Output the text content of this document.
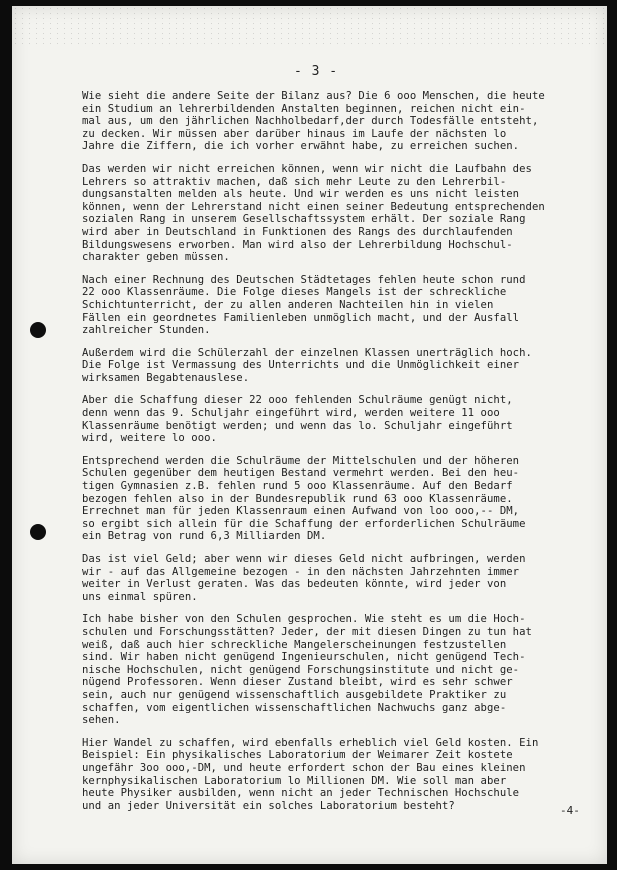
- 3 -

Wie sieht die andere Seite der Bilanz aus? Die 6 ooo Menschen, die heute
ein Studium an lehrerbildenden Anstalten beginnen, reichen nicht ein-
mal aus, um den jährlichen Nachholbedarf,der durch Todesfälle entsteht,
zu decken. Wir müssen aber darüber hinaus im Laufe der nächsten lo
Jahre die Ziffern, die ich vorher erwähnt habe, zu erreichen suchen.

Das werden wir nicht erreichen können, wenn wir nicht die Laufbahn des
Lehrers so attraktiv machen, daß sich mehr Leute zu den Lehrerbil-
dungsanstalten melden als heute. Und wir werden es uns nicht leisten
können, wenn der Lehrerstand nicht einen seiner Bedeutung entsprechenden
sozialen Rang in unserem Gesellschaftssystem erhält. Der soziale Rang
wird aber in Deutschland in Funktionen des Rangs des durchlaufenden
Bildungswesens erworben. Man wird also der Lehrerbildung Hochschul-
charakter geben müssen.

Nach einer Rechnung des Deutschen Städtetages fehlen heute schon rund
22 ooo Klassenräume. Die Folge dieses Mangels ist der schreckliche
Schichtunterricht, der zu allen anderen Nachteilen hin in vielen
Fällen ein geordnetes Familienleben unmöglich macht, und der Ausfall
zahlreicher Stunden.

Außerdem wird die Schülerzahl der einzelnen Klassen unerträglich hoch.
Die Folge ist Vermassung des Unterrichts und die Unmöglichkeit einer
wirksamen Begabtenauslese.

Aber die Schaffung dieser 22 ooo fehlenden Schulräume genügt nicht,
denn wenn das 9. Schuljahr eingeführt wird, werden weitere 11 ooo
Klassenräume benötigt werden; und wenn das lo. Schuljahr eingeführt
wird, weitere lo ooo.

Entsprechend werden die Schulräume der Mittelschulen und der höheren
Schulen gegenüber dem heutigen Bestand vermehrt werden. Bei den heu-
tigen Gymnasien z.B. fehlen rund 5 ooo Klassenräume. Auf den Bedarf
bezogen fehlen also in der Bundesrepublik rund 63 ooo Klassenräume.
Errechnet man für jeden Klassenraum einen Aufwand von loo ooo,-- DM,
so ergibt sich allein für die Schaffung der erforderlichen Schulräume
ein Betrag von rund 6,3 Milliarden DM.

Das ist viel Geld; aber wenn wir dieses Geld nicht aufbringen, werden
wir - auf das Allgemeine bezogen - in den nächsten Jahrzehnten immer
weiter in Verlust geraten. Was das bedeuten könnte, wird jeder von
uns einmal spüren.

Ich habe bisher von den Schulen gesprochen. Wie steht es um die Hoch-
schulen und Forschungsstätten? Jeder, der mit diesen Dingen zu tun hat
weiß, daß auch hier schreckliche Mangelerscheinungen festzustellen
sind. Wir haben nicht genügend Ingenieurschulen, nicht genügend Tech-
nische Hochschulen, nicht genügend Forschungsinstitute und nicht ge-
nügend Professoren. Wenn dieser Zustand bleibt, wird es sehr schwer
sein, auch nur genügend wissenschaftlich ausgebildete Praktiker zu
schaffen, vom eigentlichen wissenschaftlichen Nachwuchs ganz abge-
sehen.

Hier Wandel zu schaffen, wird ebenfalls erheblich viel Geld kosten. Ein
Beispiel: Ein physikalisches Laboratorium der Weimarer Zeit kostete
ungefähr 3oo ooo,-DM, und heute erfordert schon der Bau eines kleinen
kernphysikalischen Laboratorium lo Millionen DM. Wie soll man aber
heute Physiker ausbilden, wenn nicht an jeder Technischen Hochschule
und an jeder Universität ein solches Laboratorium besteht?	-4-
